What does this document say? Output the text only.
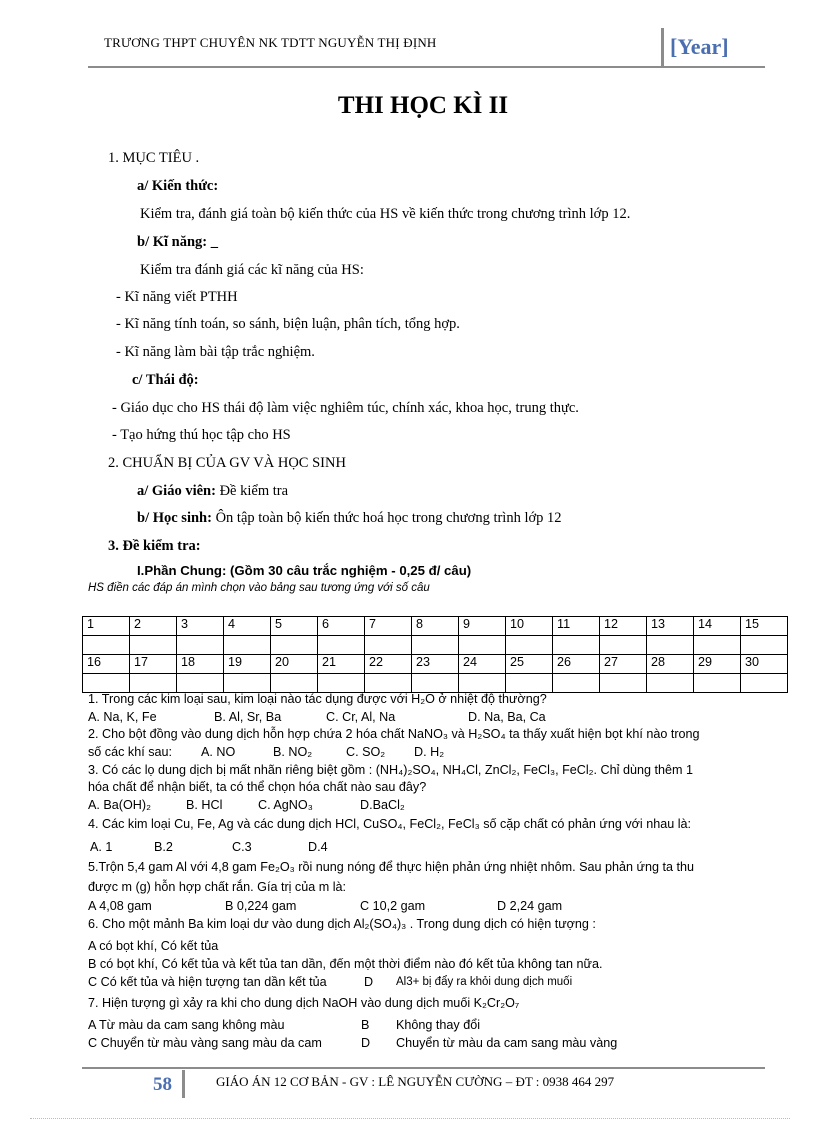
TRƯƠNG THPT CHUYÊN NK TDTT NGUYỄN THỊ ĐỊNH	[Year]
THI HỌC KÌ II
1. MỤC TIÊU .
a/ Kiến thức:
Kiểm tra, đánh giá toàn bộ kiến thức của HS về kiến thức trong chương trình lớp 12.
b/ Kĩ năng: _
Kiểm tra đánh giá các kĩ năng của HS:
- Kĩ năng viết PTHH
- Kĩ năng tính toán, so sánh, biện luận, phân tích, tổng hợp.
- Kĩ năng làm bài tập trắc nghiệm.
c/ Thái độ:
- Giáo dục cho HS thái độ làm việc nghiêm túc, chính xác, khoa học, trung thực.
- Tạo hứng thú học tập cho HS
2. CHUẨN BỊ CỦA GV VÀ HỌC SINH
a/ Giáo viên: Đề kiểm tra
b/ Học sinh: Ôn tập toàn bộ kiến thức hoá học trong chương trình lớp 12
3. Đề kiểm tra:
I.Phần Chung: (Gồm 30 câu trắc nghiệm - 0,25 đ/ câu)
HS điền các đáp án mình chọn vào bảng sau tương ứng với số câu
1	2	3	4	5	6	7	8	9	10	11	12	13	14	15

16	17	18	19	20	21	22	23	24	25	26	27	28	29	30

1. Trong các kim loại sau, kim loại nào tác dụng được với H₂O ở nhiệt độ thường?
A. Na, K, Fe	B. Al, Sr, Ba	C. Cr, Al, Na	D. Na, Ba, Ca
2. Cho bột đồng vào dung dịch hỗn hợp chứa 2 hóa chất NaNO₃ và H₂SO₄ ta thấy xuất hiện bọt khí nào trong
số các khí sau: A. NO	B. NO₂	C. SO₂ D. H₂
3. Có các lọ dung dịch bị mất nhãn riêng biệt gồm : (NH₄)₂SO₄, NH₄Cl, ZnCl₂, FeCl₃, FeCl₂. Chỉ dùng thêm 1
hóa chất để nhận biết, ta có thể chọn hóa chất nào sau đây?
A. Ba(OH)₂	B. HCl	C. AgNO₃	D.BaCl₂
4. Các kim loại Cu, Fe, Ag và các dung dịch HCl, CuSO₄, FeCl₂, FeCl₃ số cặp chất có phản ứng với nhau là:
A. 1	B.2	C.3	D.4
5.Trộn 5,4 gam Al với 4,8 gam Fe₂O₃ rồi nung nóng để thực hiện phản ứng nhiệt nhôm. Sau phản ứng ta thu
được m (g) hỗn hợp chất rắn. Gía trị của m là:
A 4,08 gam	B 0,224 gam	C 10,2 gam	D 2,24 gam
6. Cho một mảnh Ba kim loại dư vào dung dịch Al₂(SO₄)₃ . Trong dung dịch có hiện tượng :
A có bọt khí, Có kết tủa
B có bọt khí, Có kết tủa và kết tủa tan dần, đến một thời điểm nào đó kết tủa không tan nữa.
C Có kết tủa và hiện tượng tan dần kết tủa	D Al3+ bị đẩy ra khỏi dung dịch muối
7. Hiện tượng gì xảy ra khi cho dung dịch NaOH vào dung dịch muối K₂Cr₂O₇
A Từ màu da cam sang không màu	B Không thay đổi
C Chuyển từ màu vàng sang màu da cam	D Chuyển từ màu da cam sang màu vàng
58	GIÁO ÁN 12 CƠ BẢN - GV : LÊ NGUYỄN CƯỜNG – ĐT : 0938 464 297
